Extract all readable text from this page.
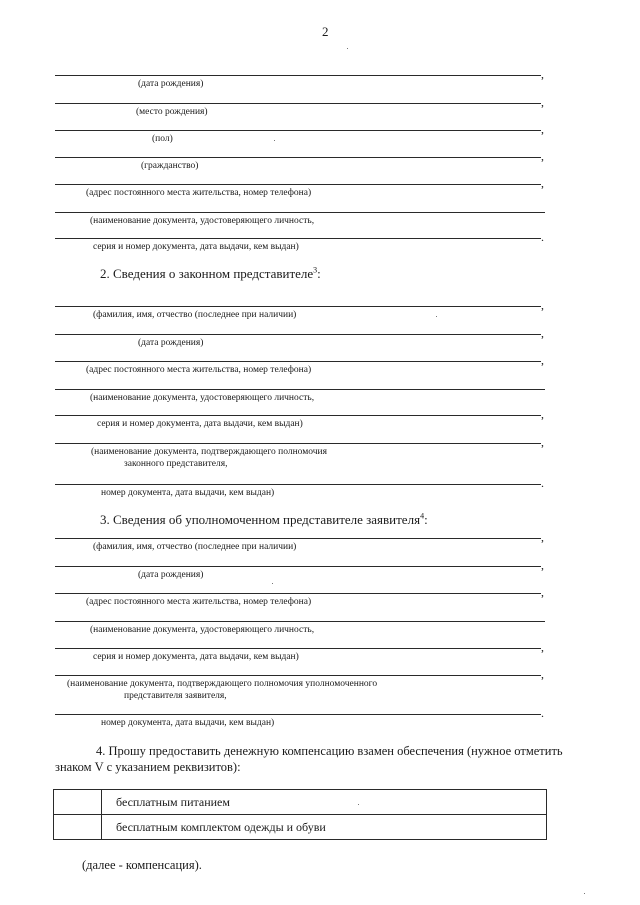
2
,
(дата рождения)
,
(место рождения)
,
(пол)
,
(гражданство)
,
(адрес постоянного места жительства, номер телефона)
(наименование документа, удостоверяющего личность,
.
серия и номер документа, дата выдачи, кем выдан)
2. Сведения о законном представителе$^3$:
,
(фамилия, имя, отчество (последнее при наличии)
,
(дата рождения)
,
(адрес постоянного места жительства, номер телефона)
(наименование документа, удостоверяющего личность,
,
серия и номер документа, дата выдачи, кем выдан)
,
(наименование документа, подтверждающего полномочия
законного представителя,
.
номер документа, дата выдачи, кем выдан)
3. Сведения об уполномоченном представителе заявителя$^4$:
,
(фамилия, имя, отчество (последнее при наличии)
,
(дата рождения)
,
(адрес постоянного места жительства, номер телефона)
(наименование документа, удостоверяющего личность,
,
серия и номер документа, дата выдачи, кем выдан)
,
(наименование документа, подтверждающего полномочия уполномоченного
представителя заявителя,
.
номер документа, дата выдачи, кем выдан)
4. Прошу предоставить денежную компенсацию взамен обеспечения (нужное отметить
знаком V с указанием реквизитов):
	бесплатным питанием
	бесплатным комплектом одежды и обуви
(далее - компенсация).
